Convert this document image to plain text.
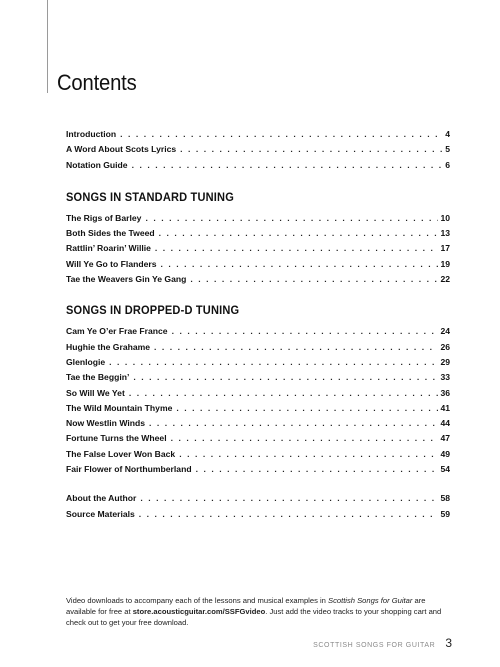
Contents
Introduction . . .	4
A Word About Scots Lyrics . . .	5
Notation Guide . . .	6
SONGS IN STANDARD TUNING
The Rigs of Barley . . .	10
Both Sides the Tweed . . .	13
Rattlin’ Roarin’ Willie . . .	17
Will Ye Go to Flanders . . .	19
Tae the Weavers Gin Ye Gang . . .	22
SONGS IN DROPPED-D TUNING
Cam Ye O’er Frae France . . .	24
Hughie the Grahame . . .	26
Glenlogie . . .	29
Tae the Beggin’ . . .	33
So Will We Yet . . .	36
The Wild Mountain Thyme . . .	41
Now Westlin Winds . . .	44
Fortune Turns the Wheel . . .	47
The False Lover Won Back . . .	49
Fair Flower of Northumberland . . .	54
About the Author . . .	58
Source Materials . . .	59

Video downloads to accompany each of the lessons and musical examples in Scottish Songs for Guitar are available for free at store.acousticguitar.com/SSFGvideo. Just add the video tracks to your shopping cart and check out to get your free download.

SCOTTISH SONGS FOR GUITAR 3
